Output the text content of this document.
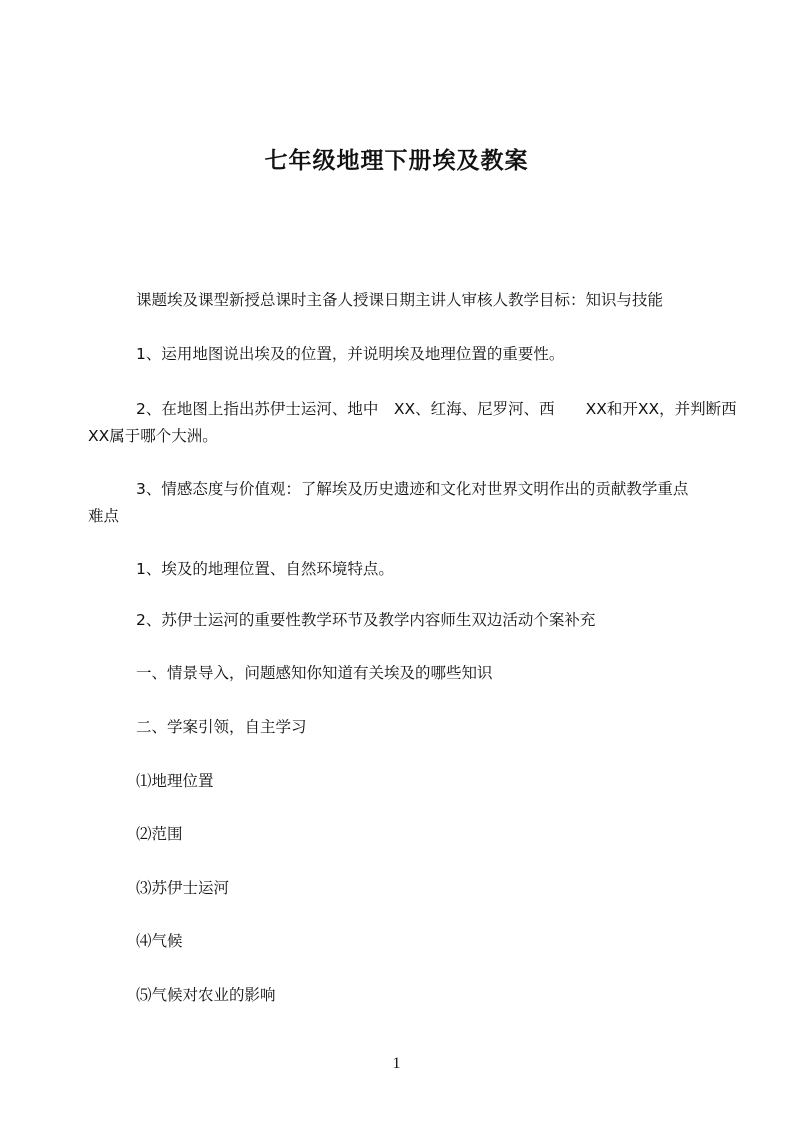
七年级地理下册埃及教案

课题埃及课型新授总课时主备人授课日期主讲人审核人教学目标：知识与技能

1、运用地图说出埃及的位置，并说明埃及地理位置的重要性。

2、在地图上指出苏伊士运河、地中　XX、红海、尼罗河、西　　XX和开XX，并判断西

XX属于哪个大洲。

3、情感态度与价值观：了解埃及历史遗迹和文化对世界文明作出的贡献教学重点

难点

1、埃及的地理位置、自然环境特点。

2、苏伊士运河的重要性教学环节及教学内容师生双边活动个案补充

一、情景导入，问题感知你知道有关埃及的哪些知识

二、学案引领，自主学习

⑴地理位置

⑵范围

⑶苏伊士运河

⑷气候

⑸气候对农业的影响

1
